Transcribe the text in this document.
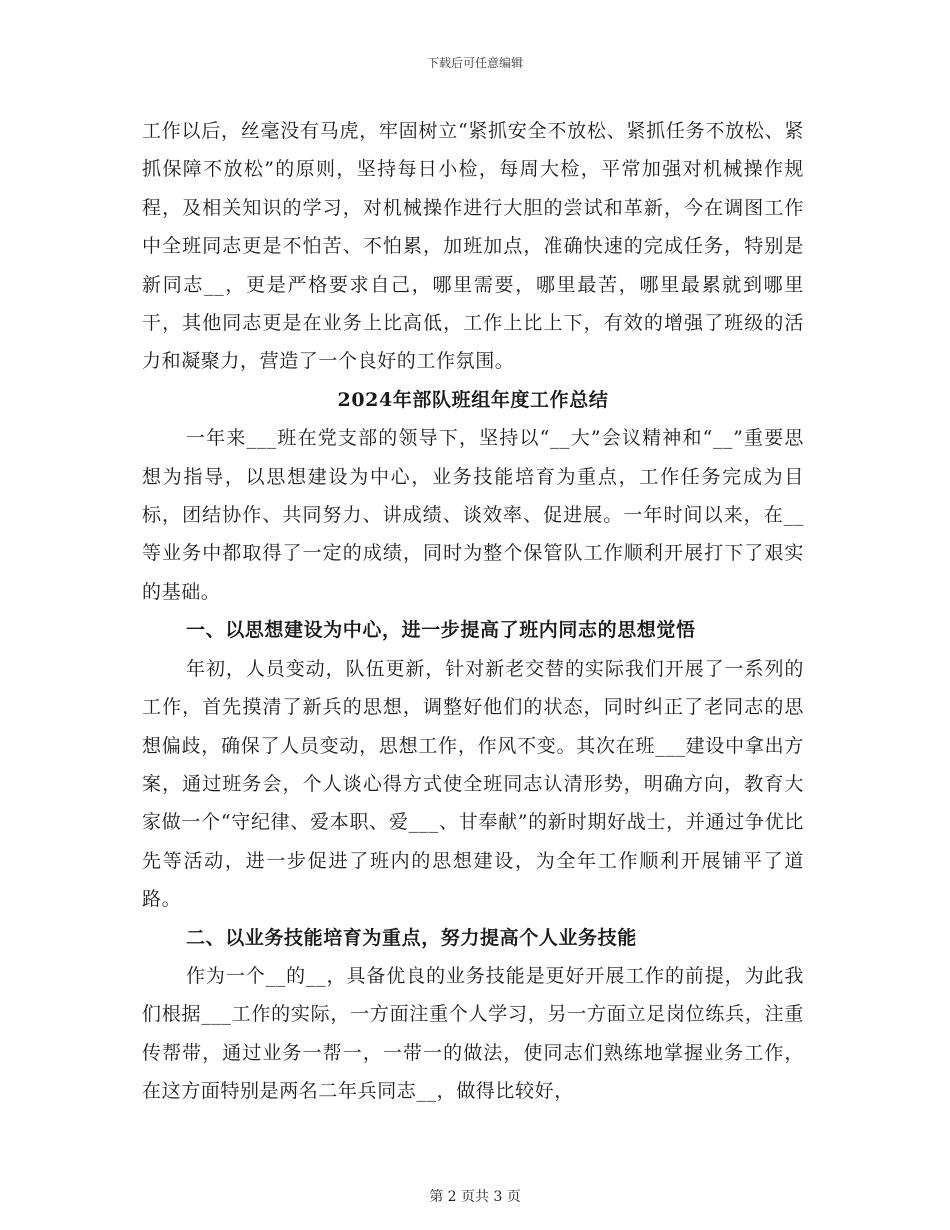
下载后可任意编辑

工作以后，丝毫没有马虎，牢固树立“紧抓安全不放松、紧抓任务不放松、紧抓保障不放松”的原则，坚持每日小检，每周大检，平常加强对机械操作规程，及相关知识的学习，对机械操作进行大胆的尝试和革新，今在调图工作中全班同志更是不怕苦、不怕累，加班加点，准确快速的完成任务，特别是新同志__，更是严格要求自己，哪里需要，哪里最苦，哪里最累就到哪里干，其他同志更是在业务上比高低，工作上比上下，有效的增强了班级的活力和凝聚力，营造了一个良好的工作氛围。

2024年部队班组年度工作总结

一年来___班在党支部的领导下，坚持以“__大”会议精神和“__”重要思想为指导，以思想建设为中心，业务技能培育为重点，工作任务完成为目标，团结协作、共同努力、讲成绩、谈效率、促进展。一年时间以来，在__等业务中都取得了一定的成绩，同时为整个保管队工作顺利开展打下了艰实的基础。

一、以思想建设为中心，进一步提高了班内同志的思想觉悟

年初，人员变动，队伍更新，针对新老交替的实际我们开展了一系列的工作，首先摸清了新兵的思想，调整好他们的状态，同时纠正了老同志的思想偏歧，确保了人员变动，思想工作，作风不变。其次在班___建设中拿出方案，通过班务会，个人谈心得方式使全班同志认清形势，明确方向，教育大家做一个“守纪律、爱本职、爱___、甘奉献”的新时期好战士，并通过争优比先等活动，进一步促进了班内的思想建设，为全年工作顺利开展铺平了道路。

二、以业务技能培育为重点，努力提高个人业务技能

作为一个__的__，具备优良的业务技能是更好开展工作的前提，为此我们根据___工作的实际，一方面注重个人学习，另一方面立足岗位练兵，注重传帮带，通过业务一帮一，一带一的做法，使同志们熟练地掌握业务工作，在这方面特别是两名二年兵同志__，做得比较好，

第 2 页共 3 页
